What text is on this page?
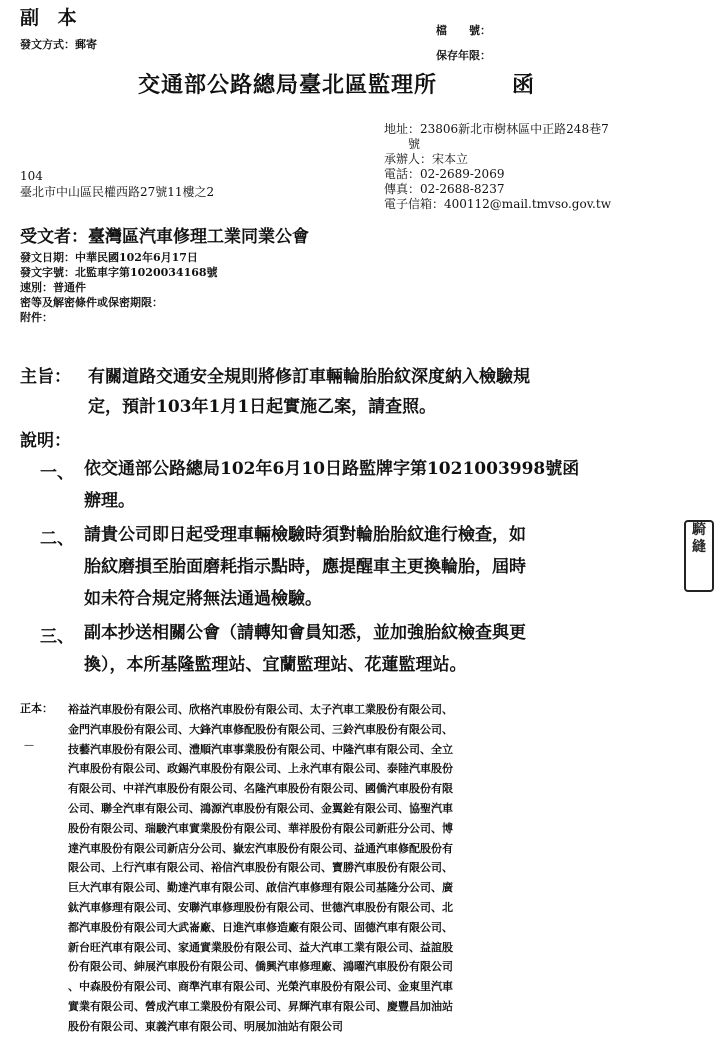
副 本
發文方式：郵寄
檔　　號：
保存年限：
交通部公路總局臺北區監理所	函
地址：23806新北市樹林區中正路248巷7
　　號
承辦人：宋本立
電話：02-2689-2069
傳真：02-2688-8237
電子信箱：400112@mail.tmvso.gov.tw
104
臺北市中山區民權西路27號11樓之2
受文者：臺灣區汽車修理工業同業公會
發文日期：中華民國102年6月17日
發文字號：北監車字第1020034168號
速別：普通件
密等及解密條件或保密期限：
附件：
主旨： 有關道路交通安全規則將修訂車輛輪胎胎紋深度納入檢驗規
定，預計103年1月1日起實施乙案，請查照。
說明：
一、 依交通部公路總局102年6月10日路監牌字第1021003998號函
辦理。
二、 請貴公司即日起受理車輛檢驗時須對輪胎胎紋進行檢查，如
胎紋磨損至胎面磨耗指示點時，應提醒車主更換輪胎，屆時
如未符合規定將無法通過檢驗。
三、 副本抄送相關公會（請轉知會員知悉，並加強胎紋檢查與更
換），本所基隆監理站、宜蘭監理站、花蓮監理站。
正本：
—
裕益汽車股份有限公司、欣格汽車股份有限公司、太子汽車工業股份有限公司、
金門汽車股份有限公司、大鋒汽車修配股份有限公司、三鈴汽車股份有限公司、
技藝汽車股份有限公司、澧順汽車事業股份有限公司、中隆汽車有限公司、全立
汽車股份有限公司、政錫汽車股份有限公司、上永汽車有限公司、泰陸汽車股份
有限公司、中祥汽車股份有限公司、名隆汽車股份有限公司、國僑汽車股份有限
公司、聯全汽車有限公司、鴻源汽車股份有限公司、金翼銓有限公司、協聖汽車
股份有限公司、瑞駿汽車實業股份有限公司、華祥股份有限公司新莊分公司、博
達汽車股份有限公司新店分公司、嶽宏汽車股份有限公司、益通汽車修配股份有
限公司、上行汽車有限公司、裕信汽車股份有限公司、寶勝汽車股份有限公司、
巨大汽車有限公司、勤達汽車有限公司、啟信汽車修理有限公司基隆分公司、廣
鈦汽車修理有限公司、安聯汽車修理股份有限公司、世德汽車股份有限公司、北
都汽車股份有限公司大武崙廠、日進汽車修造廠有限公司、固德汽車有限公司、
新台旺汽車有限公司、家通實業股份有限公司、益大汽車工業有限公司、益誼股
份有限公司、紳展汽車股份有限公司、僑興汽車修理廠、鴻曜汽車股份有限公司
、中森股份有限公司、商準汽車有限公司、光榮汽車股份有限公司、金東里汽車
實業有限公司、營成汽車工業股份有限公司、昇輝汽車有限公司、慶豐昌加油站
股份有限公司、東義汽車有限公司、明展加油站有限公司
騎縫
